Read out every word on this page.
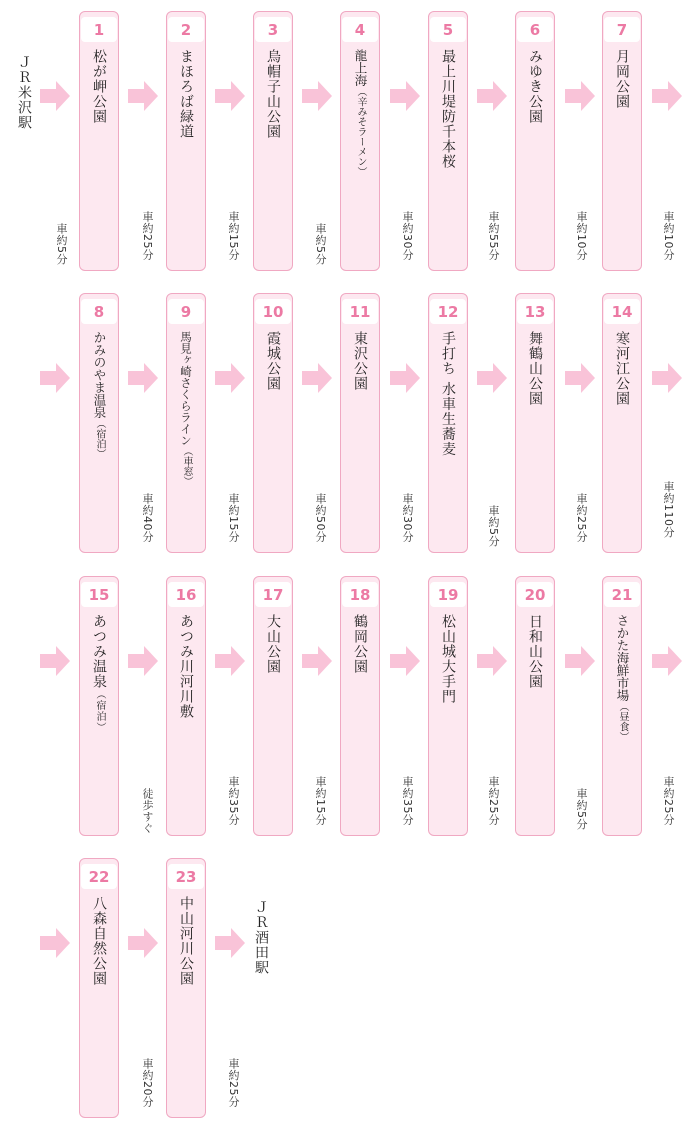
1
松が岬公園
2
まほろば緑道
3
烏帽子山公園
4
龍上海（辛みそラーメン）
5
最上川堤防千本桜
6
みゆき公園
7
月岡公園
車約5分	車約25分	車約15分	車約5分	車約30分	車約55分	車約10分	車約10分
8
かみのやま温泉（宿泊）
9
馬見ヶ崎さくらライン（車窓）
10
霞城公園
11
東沢公園
12
手打ち 水車生蕎麦
13
舞鶴山公園
14
寒河江公園
車約40分	車約15分	車約50分	車約30分	車約5分	車約25分	車約110分
15
あつみ温泉（宿泊）
16
あつみ川河川敷
17
大山公園
18
鶴岡公園
19
松山城大手門
20
日和山公園
21
さかた海鮮市場（昼食）
徒歩すぐ	車約35分	車約15分	車約35分	車約25分	車約5分	車約25分
22
八森自然公園
23
中山河川公園
車約20分	車約25分
ＪＲ米沢駅
ＪＲ酒田駅
